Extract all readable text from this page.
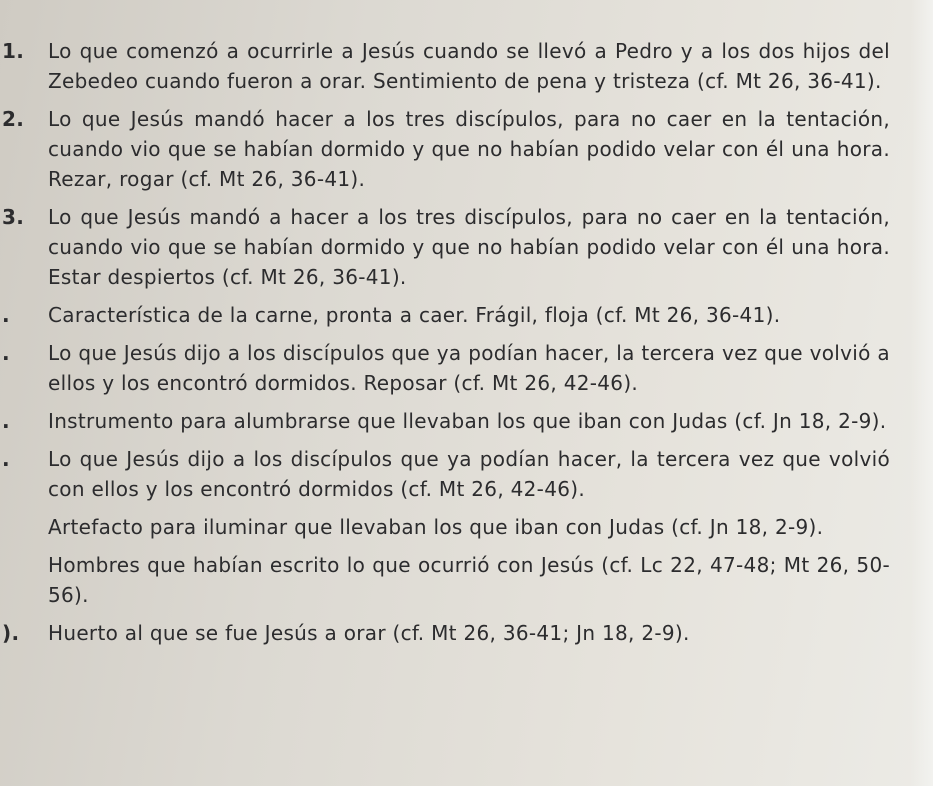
1.	Lo que comenzó a ocurrirle a Jesús cuando se llevó a Pedro y a los dos hijos del Zebedeo cuando fueron a orar. Sentimiento de pena y tristeza (cf. Mt 26, 36-41).
2.	Lo que Jesús mandó hacer a los tres discípulos, para no caer en la tentación, cuando vio que se habían dormido y que no habían podido velar con él una hora. Rezar, rogar (cf. Mt 26, 36-41).
3.	Lo que Jesús mandó a hacer a los tres discípulos, para no caer en la tentación, cuando vio que se habían dormido y que no habían podido velar con él una hora. Estar despiertos (cf. Mt 26, 36-41).
.	Característica de la carne, pronta a caer. Frágil, floja (cf. Mt 26, 36-41).
.	Lo que Jesús dijo a los discípulos que ya podían hacer, la tercera vez que volvió a ellos y los encontró dormidos. Reposar (cf. Mt 26, 42-46).
.	Instrumento para alumbrarse que llevaban los que iban con Judas (cf. Jn 18, 2-9).
.	Lo que Jesús dijo a los discípulos que ya podían hacer, la tercera vez que volvió con ellos y los encontró dormidos (cf. Mt 26, 42-46).
Artefacto para iluminar que llevaban los que iban con Judas (cf. Jn 18, 2-9).
Hombres que habían escrito lo que ocurrió con Jesús (cf. Lc 22, 47-48; Mt 26, 50-56).
).	Huerto al que se fue Jesús a orar (cf. Mt 26, 36-41; Jn 18, 2-9).
